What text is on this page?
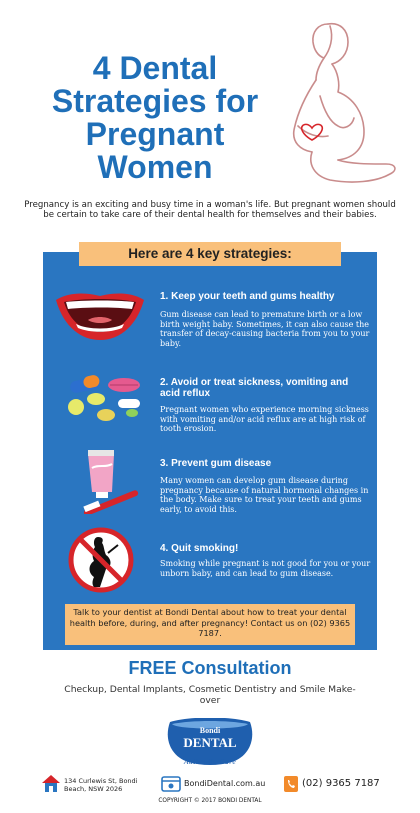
4 Dental Strategies for Pregnant Women
Pregnancy is an exciting and busy time in a woman's life. But pregnant women should be certain to take care of their dental health for themselves and their babies.
Here are 4 key strategies:
1. Keep your teeth and gums healthy
Gum disease can lead to premature birth or a low birth weight baby. Sometimes, it can also cause the transfer of decay-causing bacteria from you to your baby.
2. Avoid or treat sickness, vomiting and acid reflux
Pregnant women who experience morning sickness with vomiting and/or acid reflux are at high risk of tooth erosion.
3. Prevent gum disease
Many women can develop gum disease during pregnancy because of natural hormonal changes in the body. Make sure to treat your teeth and gums early, to avoid this.
4. Quit smoking!
Smoking while pregnant is not good for you or your unborn baby, and can lead to gum disease.
Talk to your dentist at Bondi Dental about how to treat your dental health before, during, and after pregnancy! Contact us on (02) 9365 7187.
FREE Consultation
Checkup, Dental Implants, Cosmetic Dentistry and Smile Make-over
Bondi
DENTAL
Authentic Care
134 Curlewis St, Bondi Beach, NSW 2026
BondiDental.com.au	(02) 9365 7187
COPYRIGHT © 2017 BONDI DENTAL
